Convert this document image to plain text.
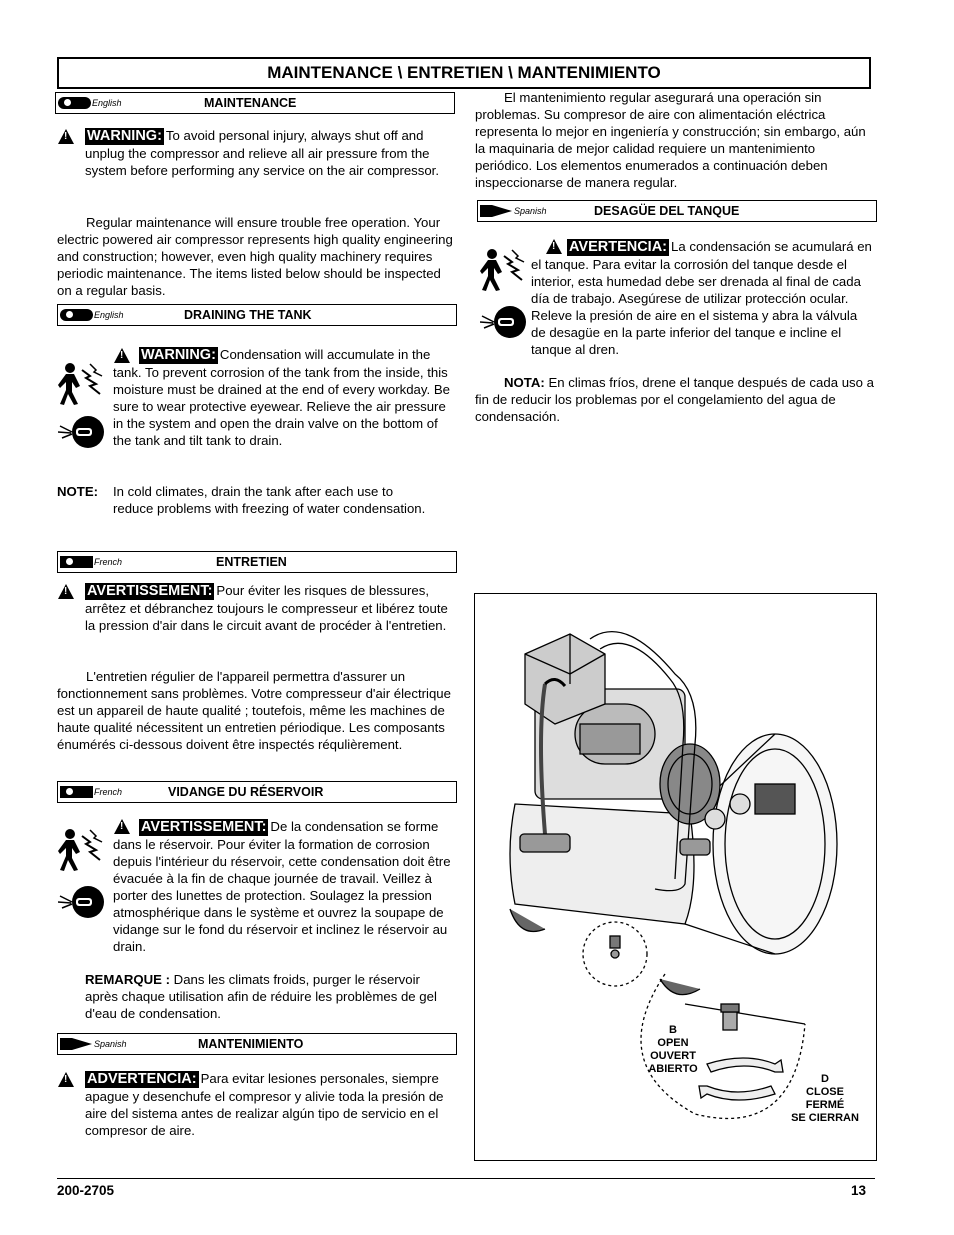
MAINTENANCE \ ENTRETIEN \ MANTENIMIENTO
English	MAINTENANCE
!

WARNING: To avoid personal injury, always shut off and unplug the compressor and relieve all air pressure from the system before performing any service on the air compressor.

Regular maintenance will ensure trouble free operation. Your electric powered air compressor represents high quality engineering and construction; however, even high quality machinery requires periodic maintenance. The items listed below should be inspected on a regular basis.

English	DRAINING THE TANK
!

WARNING: Condensation will accumulate in the tank. To prevent corrosion of the tank from the inside, this moisture must be drained at the end of every workday. Be sure to wear protective eyewear. Relieve the air pressure in the system and open the drain valve on the bottom of the tank and tilt tank to drain.

NOTE: In cold climates, drain the tank after each use to reduce problems with freezing of water condensation.

French	ENTRETIEN
!

AVERTISSEMENT: Pour éviter les risques de blessures, arrêtez et débranchez toujours le compresseur et libérez toute la pression d'air dans le circuit avant de procéder à l'entretien.

L'entretien régulier de l'appareil permettra d'assurer un fonctionnement sans problèmes. Votre compresseur d'air électrique est un appareil de haute qualité ; toutefois, même les machines de haute qualité nécessitent un entretien périodique. Les composants énumérés ci-dessous doivent être inspectés réqulièrement.

French	VIDANGE DU RÉSERVOIR
!

AVERTISSEMENT: De la condensation se forme dans le réservoir. Pour éviter la formation de corrosion depuis l'intérieur du réservoir, cette condensation doit être évacuée à la fin de chaque journée de travail. Veillez à porter des lunettes de protection. Soulagez la pression atmosphérique dans le système et ouvrez la soupape de vidange sur le fond du réservoir et inclinez le réservoir au drain.

REMARQUE : Dans les climats froids, purger le réservoir après chaque utilisation afin de réduire les problèmes de gel d'eau de condensation.

Spanish	MANTENIMIENTO
!

ADVERTENCIA: Para evitar lesiones personales, siempre apague y desenchufe el compresor y alivie toda la presión de aire del sistema antes de realizar algún tipo de servicio en el compresor de aire.

El mantenimiento regular asegurará una operación sin problemas. Su compresor de aire con alimentación eléctrica representa lo mejor en ingeniería y construcción; sin embargo, aún la maquinaria de mejor calidad requiere un mantenimiento periódico. Los elementos enumerados a continuación deben inspeccionarse de manera regular.

Spanish	DESAGÜE DEL TANQUE
!

AVERTENCIA: La condensación se acumulará en el tanque. Para evitar la corrosión del tanque desde el interior, esta humedad debe ser drenada al final de cada día de trabajo. Asegúrese de utilizar protección ocular. Releve la presión de aire en el sistema y abra la válvula de desagüe en la parte inferior del tanque e incline el tanque al dren.

NOTA: En climas fríos, drene el tanque después de cada uso a fin de reducir los problemas por el congelamiento del agua de condensación.

B
OPEN
OUVERT
ABIERTO
D
CLOSE
FERMÉ
SE CIERRAN
200-2705	13
